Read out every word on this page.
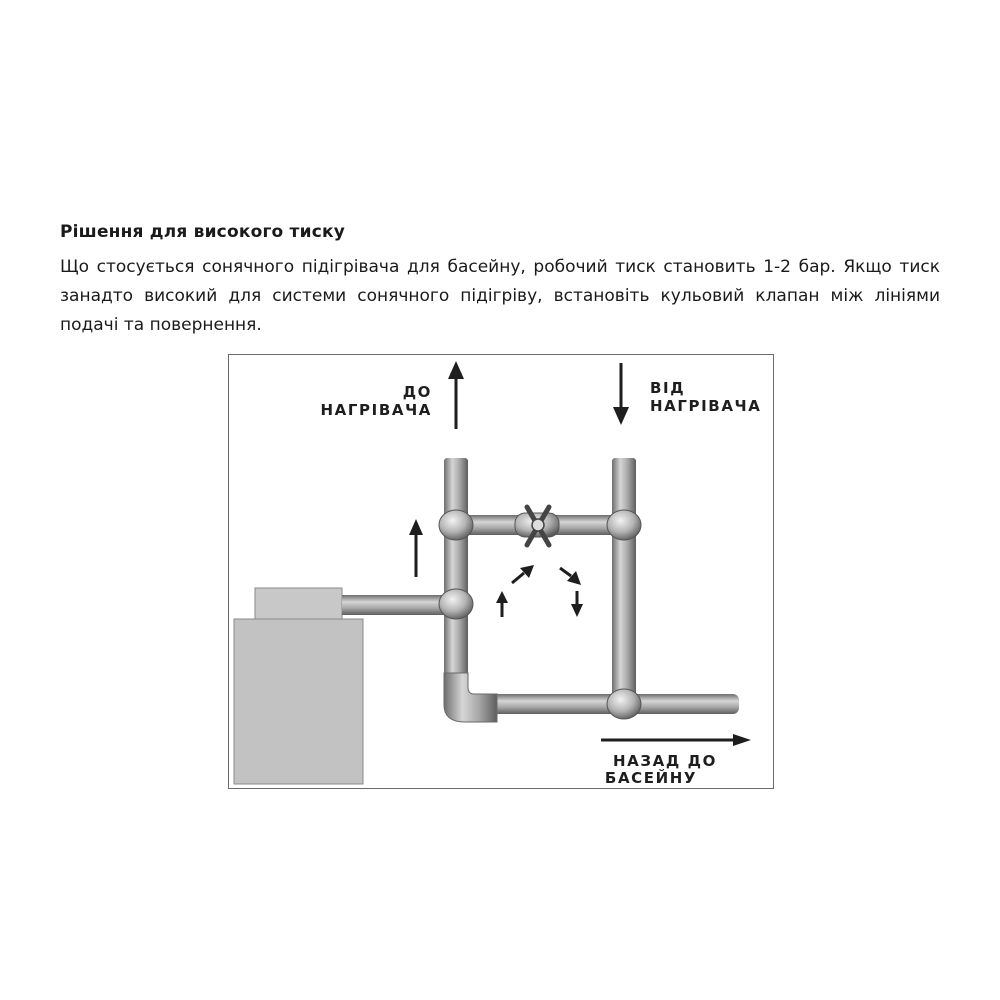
Рішення для високого тиску

Що стосується сонячного підігрівача для басейну, робочий тиск становить 1-2 бар. Якщо тиск занадто високий для системи сонячного підігріву, встановіть кульовий клапан між лініями подачі та повернення.

ДО
НАГРІВАЧА
ВІД
НАГРІВАЧА
НАЗАД ДО
БАСЕЙНУ
